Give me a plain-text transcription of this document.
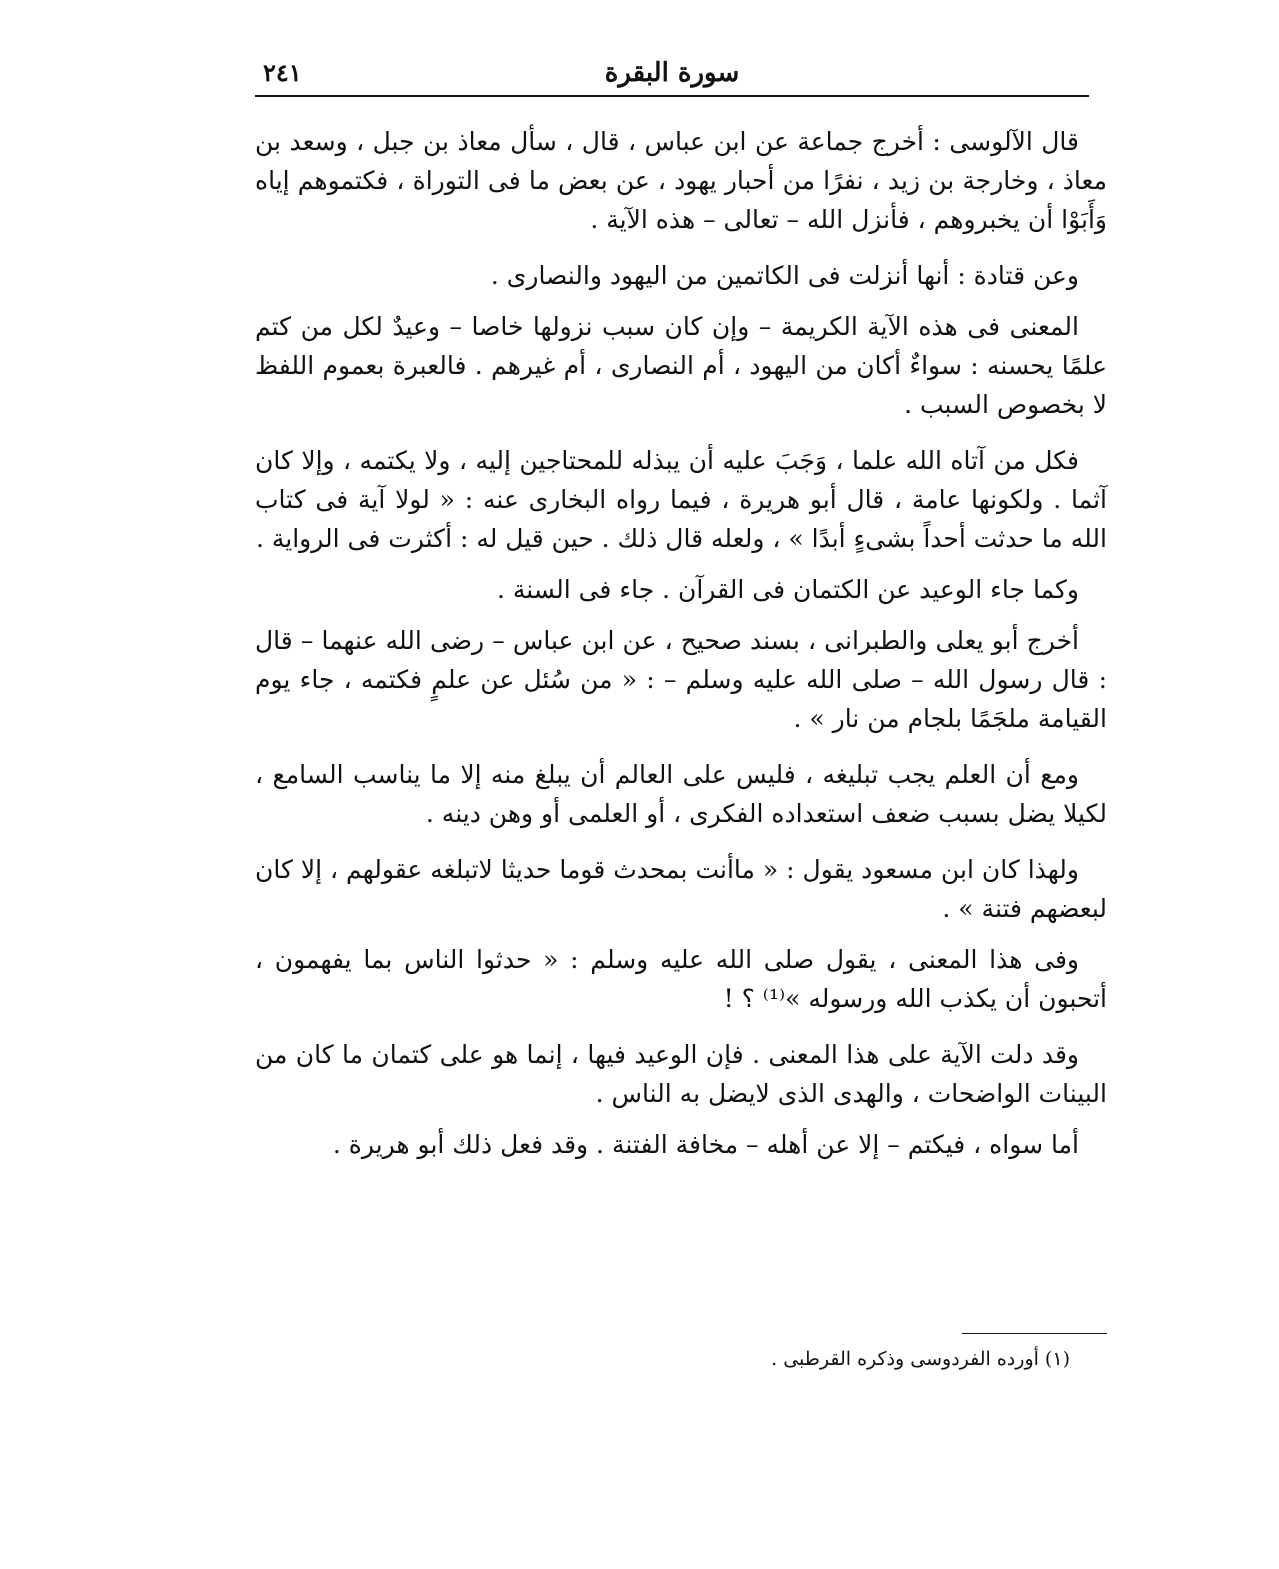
سورة البقرة
٢٤١

قال الآلوسى : أخرج جماعة عن ابن عباس ، قال ، سأل معاذ بن جبل ، وسعد بن معاذ ، وخارجة بن زيد ، نفرًا من أحبار يهود ، عن بعض ما فى التوراة ، فكتموهم إياه وَأَبَوْا أن يخبروهم ، فأنزل الله – تعالى – هذه الآية .

وعن قتادة : أنها أنزلت فى الكاتمين من اليهود والنصارى .

المعنى فى هذه الآية الكريمة – وإن كان سبب نزولها خاصا – وعيدٌ لكل من كتم علمًا يحسنه : سواءٌ أكان من اليهود ، أم النصارى ، أم غيرهم . فالعبرة بعموم اللفظ لا بخصوص السبب .

فكل من آتاه الله علما ، وَجَبَ عليه أن يبذله للمحتاجين إليه ، ولا يكتمه ، وإلا كان آثما . ولكونها عامة ، قال أبو هريرة ، فيما رواه البخارى عنه : « لولا آية فى كتاب الله ما حدثت أحداً بشىءٍ أبدًا » ، ولعله قال ذلك . حين قيل له : أكثرت فى الرواية .

وكما جاء الوعيد عن الكتمان فى القرآن . جاء فى السنة .

أخرج أبو يعلى والطبرانى ، بسند صحيح ، عن ابن عباس – رضى الله عنهما – قال : قال رسول الله – صلى الله عليه وسلم – : « من سُئل عن علمٍ فكتمه ، جاء يوم القيامة ملجَمًا بلجام من نار » .

ومع أن العلم يجب تبليغه ، فليس على العالم أن يبلغ منه إلا ما يناسب السامع ، لكيلا يضل بسبب ضعف استعداده الفكرى ، أو العلمى أو وهن دينه .

ولهذا كان ابن مسعود يقول : « ماأنت بمحدث قوما حديثا لاتبلغه عقولهم ، إلا كان لبعضهم فتنة » .

وفى هذا المعنى ، يقول صلى الله عليه وسلم : « حدثوا الناس بما يفهمون ، أتحبون أن يكذب الله ورسوله »⁽¹⁾ ؟ !

وقد دلت الآية على هذا المعنى . فإن الوعيد فيها ، إنما هو على كتمان ما كان من البينات الواضحات ، والهدى الذى لايضل به الناس .

أما سواه ، فيكتم – إلا عن أهله – مخافة الفتنة . وقد فعل ذلك أبو هريرة .

(١) أورده الفردوسى وذكره القرطبى .
